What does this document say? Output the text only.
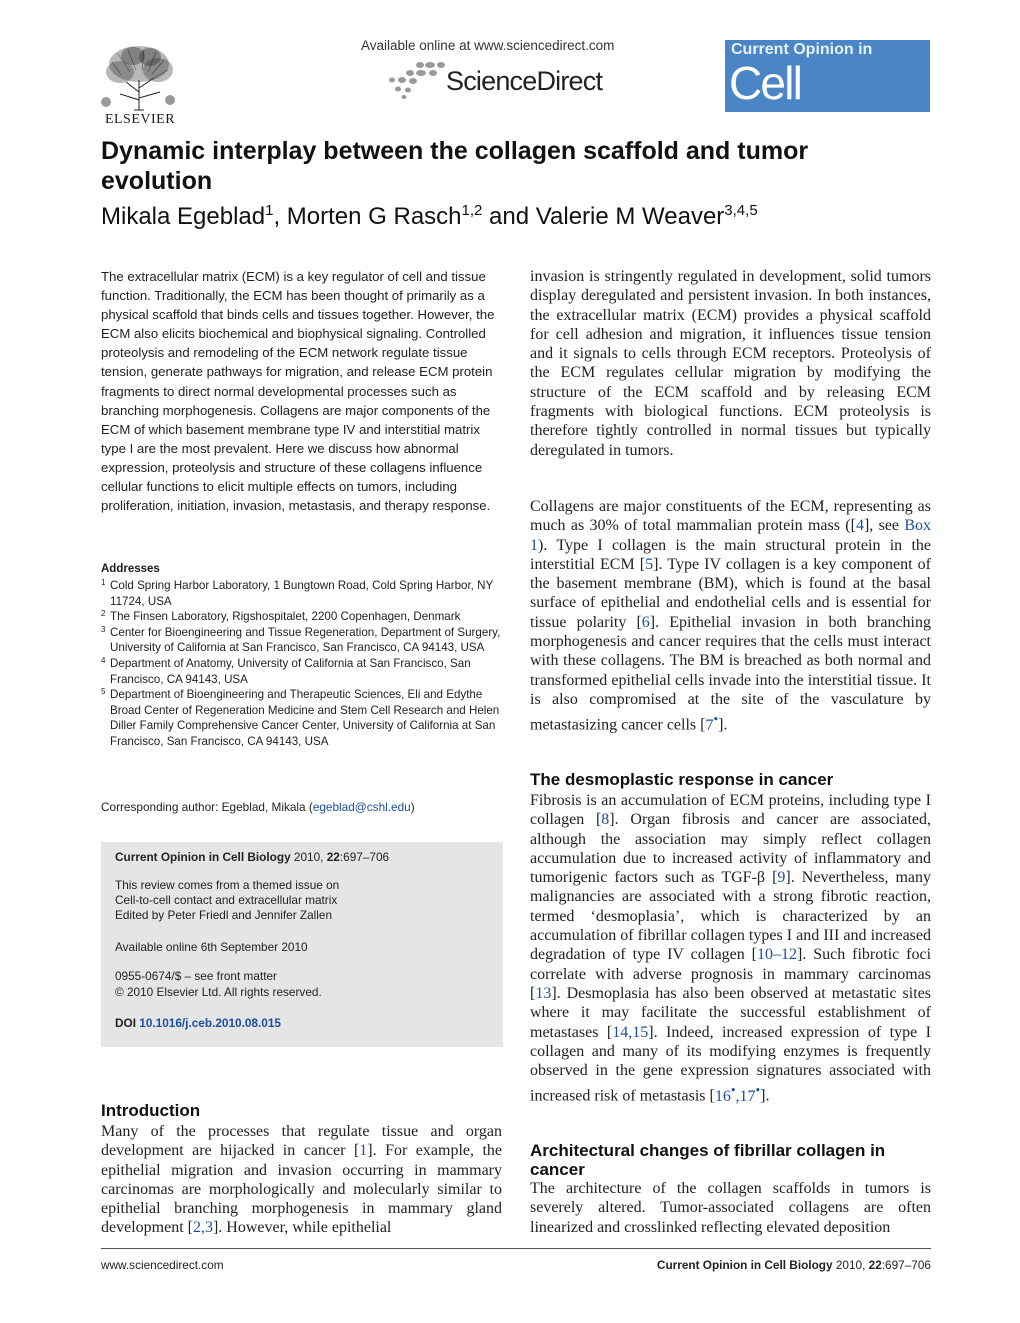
ELSEVIER
Available online at www.sciencedirect.com
ScienceDirect
Current Opinion in
Cell Biology
Dynamic interplay between the collagen scaffold and tumor evolution
Mikala Egeblad$^1$, Morten G Rasch$^{1,2}$ and Valerie M Weaver$^{3,4,5}$
The extracellular matrix (ECM) is a key regulator of cell and tissue function. Traditionally, the ECM has been thought of primarily as a physical scaffold that binds cells and tissues together. However, the ECM also elicits biochemical and biophysical signaling. Controlled proteolysis and remodeling of the ECM network regulate tissue tension, generate pathways for migration, and release ECM protein fragments to direct normal developmental processes such as branching morphogenesis. Collagens are major components of the ECM of which basement membrane type IV and interstitial matrix type I are the most prevalent. Here we discuss how abnormal expression, proteolysis and structure of these collagens influence cellular functions to elicit multiple effects on tumors, including proliferation, initiation, invasion, metastasis, and therapy response.
Addresses
1 Cold Spring Harbor Laboratory, 1 Bungtown Road, Cold Spring Harbor, NY 11724, USA
2 The Finsen Laboratory, Rigshospitalet, 2200 Copenhagen, Denmark
3 Center for Bioengineering and Tissue Regeneration, Department of Surgery, University of California at San Francisco, San Francisco, CA 94143, USA
4 Department of Anatomy, University of California at San Francisco, San Francisco, CA 94143, USA
5 Department of Bioengineering and Therapeutic Sciences, Eli and Edythe Broad Center of Regeneration Medicine and Stem Cell Research and Helen Diller Family Comprehensive Cancer Center, University of California at San Francisco, San Francisco, CA 94143, USA
Corresponding author: Egeblad, Mikala (egeblad@cshl.edu)
Current Opinion in Cell Biology 2010, 22:697–706
This review comes from a themed issue on
Cell-to-cell contact and extracellular matrix
Edited by Peter Friedl and Jennifer Zallen
Available online 6th September 2010
0955-0674/$ – see front matter
© 2010 Elsevier Ltd. All rights reserved.
DOI 10.1016/j.ceb.2010.08.015
Introduction
Many of the processes that regulate tissue and organ development are hijacked in cancer [1]. For example, the epithelial migration and invasion occurring in mammary carcinomas are morphologically and molecularly similar to epithelial branching morphogenesis in mammary gland development [2,3]. However, while epithelial
invasion is stringently regulated in development, solid tumors display deregulated and persistent invasion. In both instances, the extracellular matrix (ECM) provides a physical scaffold for cell adhesion and migration, it influences tissue tension and it signals to cells through ECM receptors. Proteolysis of the ECM regulates cellular migration by modifying the structure of the ECM scaffold and by releasing ECM fragments with biological functions. ECM proteolysis is therefore tightly controlled in normal tissues but typically deregulated in tumors.
Collagens are major constituents of the ECM, representing as much as 30% of total mammalian protein mass ([4], see Box 1). Type I collagen is the main structural protein in the interstitial ECM [5]. Type IV collagen is a key component of the basement membrane (BM), which is found at the basal surface of epithelial and endothelial cells and is essential for tissue polarity [6]. Epithelial invasion in both branching morphogenesis and cancer requires that the cells must interact with these collagens. The BM is breached as both normal and transformed epithelial cells invade into the interstitial tissue. It is also compromised at the site of the vasculature by metastasizing cancer cells [7•].
The desmoplastic response in cancer
Fibrosis is an accumulation of ECM proteins, including type I collagen [8]. Organ fibrosis and cancer are associated, although the association may simply reflect collagen accumulation due to increased activity of inflammatory and tumorigenic factors such as TGF-β [9]. Nevertheless, many malignancies are associated with a strong fibrotic reaction, termed ‘desmoplasia’, which is characterized by an accumulation of fibrillar collagen types I and III and increased degradation of type IV collagen [10–12]. Such fibrotic foci correlate with adverse prognosis in mammary carcinomas [13]. Desmoplasia has also been observed at metastatic sites where it may facilitate the successful establishment of metastases [14,15]. Indeed, increased expression of type I collagen and many of its modifying enzymes is frequently observed in the gene expression signatures associated with increased risk of metastasis [16•,17•].
Architectural changes of fibrillar collagen in cancer
The architecture of the collagen scaffolds in tumors is severely altered. Tumor-associated collagens are often linearized and crosslinked reflecting elevated deposition
www.sciencedirect.com	Current Opinion in Cell Biology 2010, 22:697–706
